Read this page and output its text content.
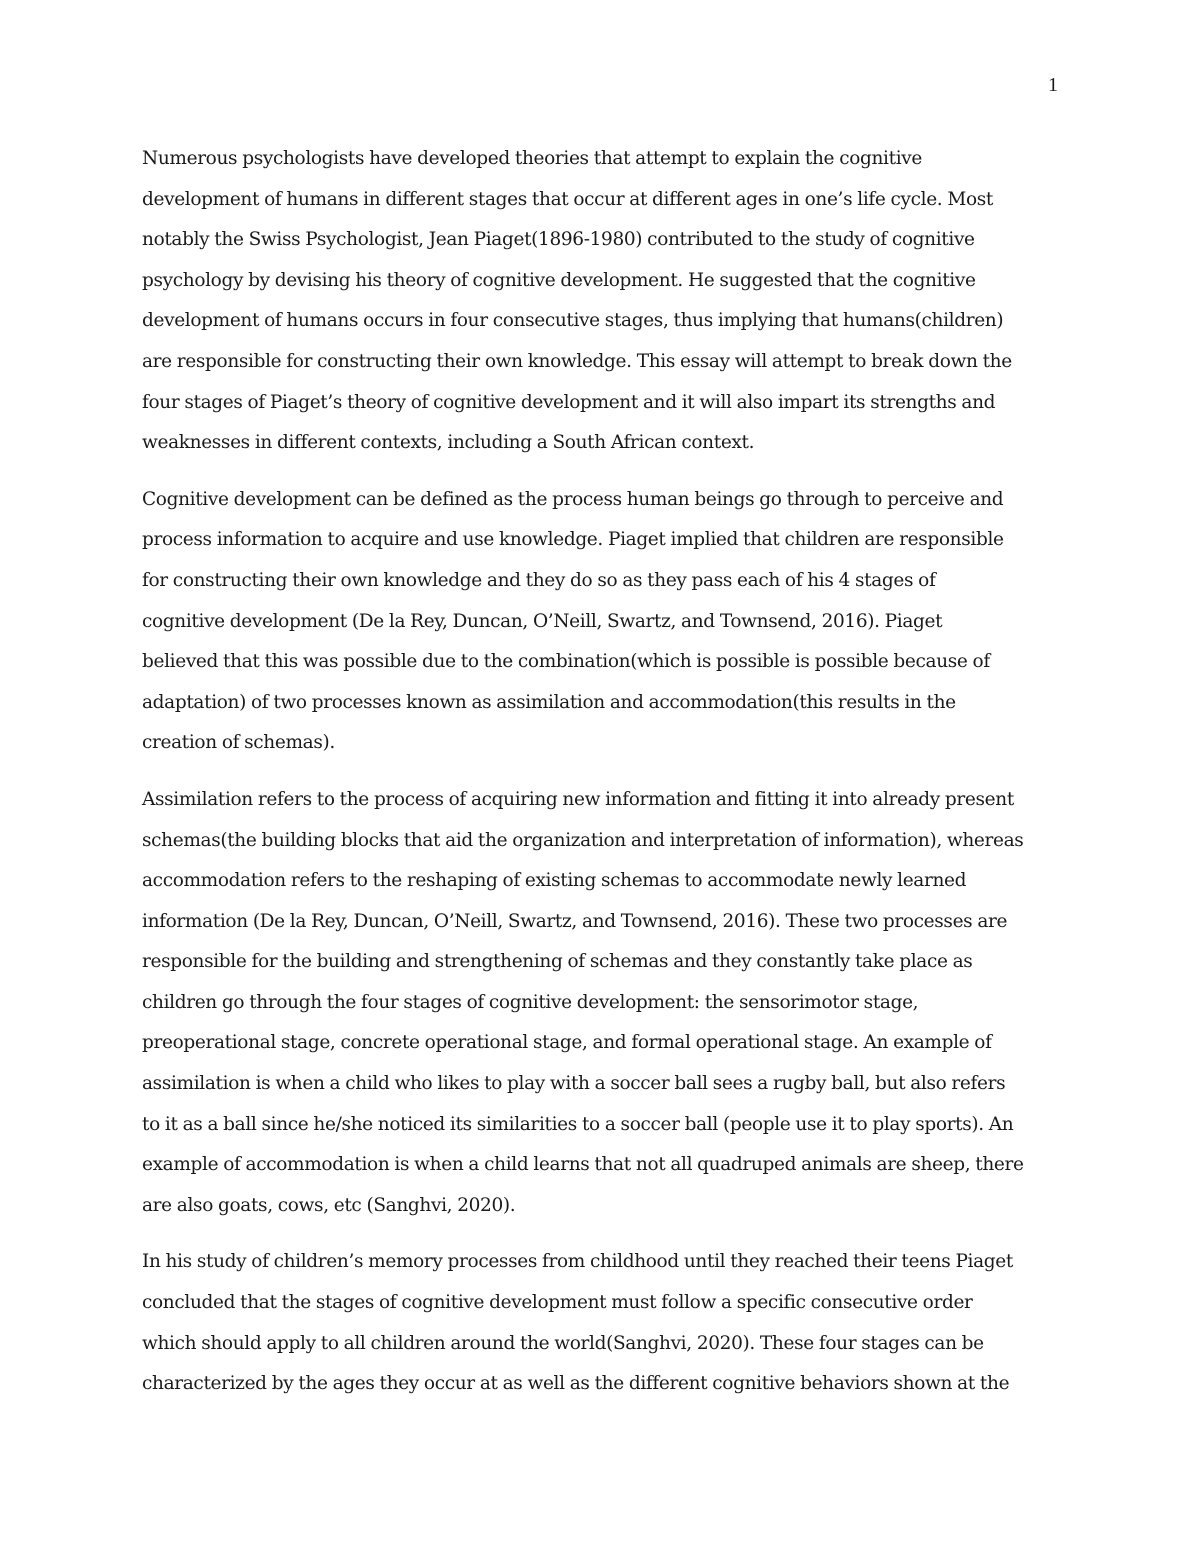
1

Numerous psychologists have developed theories that attempt to explain the cognitive
development of humans in different stages that occur at different ages in one’s life cycle. Most
notably the Swiss Psychologist, Jean Piaget(1896-1980) contributed to the study of cognitive
psychology by devising his theory of cognitive development. He suggested that the cognitive
development of humans occurs in four consecutive stages, thus implying that humans(children)
are responsible for constructing their own knowledge. This essay will attempt to break down the
four stages of Piaget’s theory of cognitive development and it will also impart its strengths and
weaknesses in different contexts, including a South African context.

Cognitive development can be defined as the process human beings go through to perceive and
process information to acquire and use knowledge. Piaget implied that children are responsible
for constructing their own knowledge and they do so as they pass each of his 4 stages of
cognitive development (De la Rey, Duncan, O’Neill, Swartz, and Townsend, 2016). Piaget
believed that this was possible due to the combination(which is possible is possible because of
adaptation) of two processes known as assimilation and accommodation(this results in the
creation of schemas).

Assimilation refers to the process of acquiring new information and fitting it into already present
schemas(the building blocks that aid the organization and interpretation of information), whereas
accommodation refers to the reshaping of existing schemas to accommodate newly learned
information (De la Rey, Duncan, O’Neill, Swartz, and Townsend, 2016). These two processes are
responsible for the building and strengthening of schemas and they constantly take place as
children go through the four stages of cognitive development: the sensorimotor stage,
preoperational stage, concrete operational stage, and formal operational stage. An example of
assimilation is when a child who likes to play with a soccer ball sees a rugby ball, but also refers
to it as a ball since he/she noticed its similarities to a soccer ball (people use it to play sports). An
example of accommodation is when a child learns that not all quadruped animals are sheep, there
are also goats, cows, etc (Sanghvi, 2020).

In his study of children’s memory processes from childhood until they reached their teens Piaget
concluded that the stages of cognitive development must follow a specific consecutive order
which should apply to all children around the world(Sanghvi, 2020). These four stages can be
characterized by the ages they occur at as well as the different cognitive behaviors shown at the
